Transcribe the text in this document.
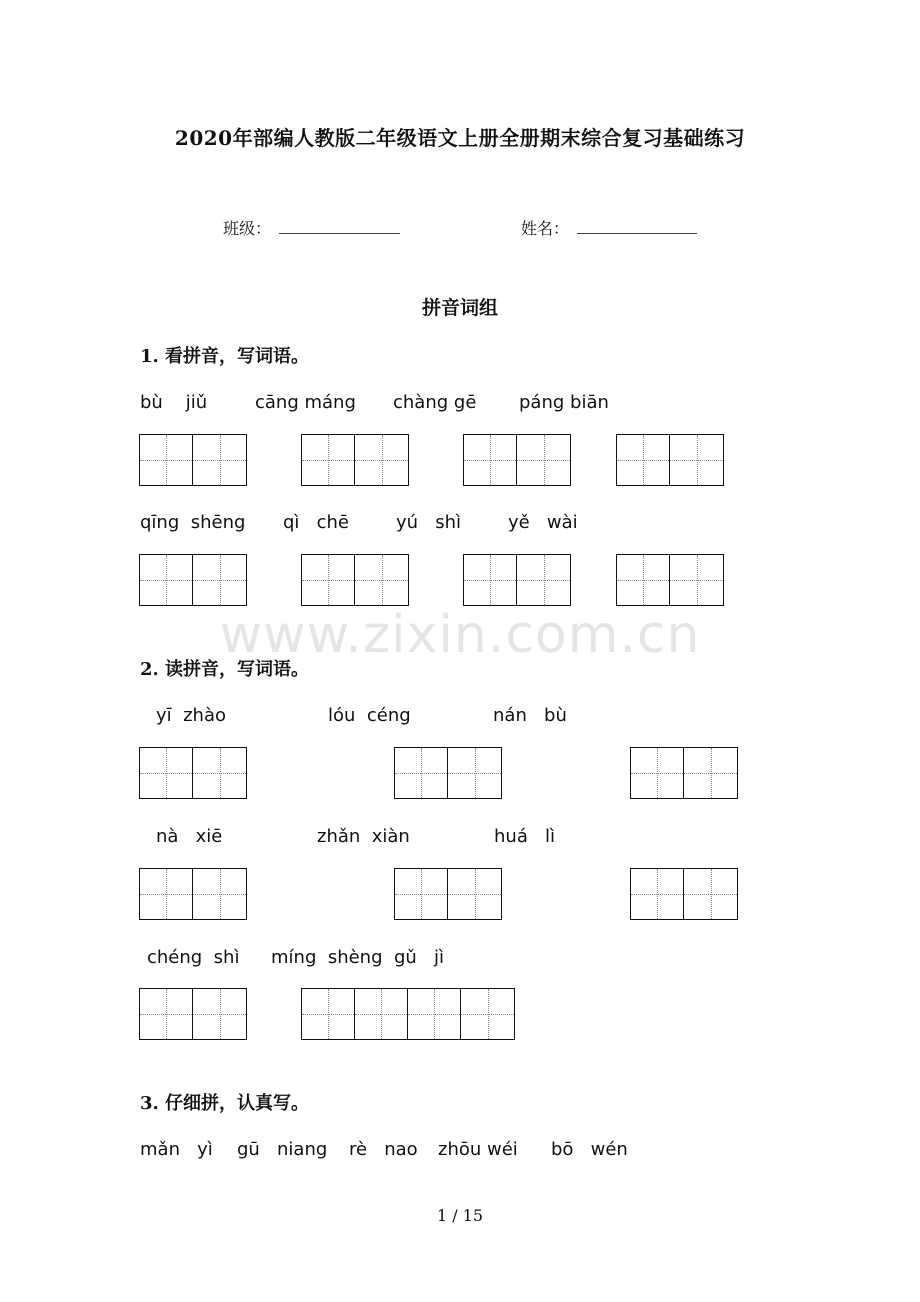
2020年部编人教版二年级语文上册全册期末综合复习基础练习
班级：	姓名：
拼音词组
1. 看拼音，写词语。
bù    jiǔ	cāng máng chàng gē páng biān
qīng  shēng qì   chē	yú   shì	yě   wài
www.zixin.com.cn
2. 读拼音，写词语。
yī  zhào	lóu  céng	nán   bù
nà   xiē	zhǎn  xiàn	huá   lì
chéng  shì míng  shèng  gǔ   jì
3. 仔细拼，认真写。
mǎn   yì gū   niang rè   nao zhōu wéi bō   wén
1 / 15
